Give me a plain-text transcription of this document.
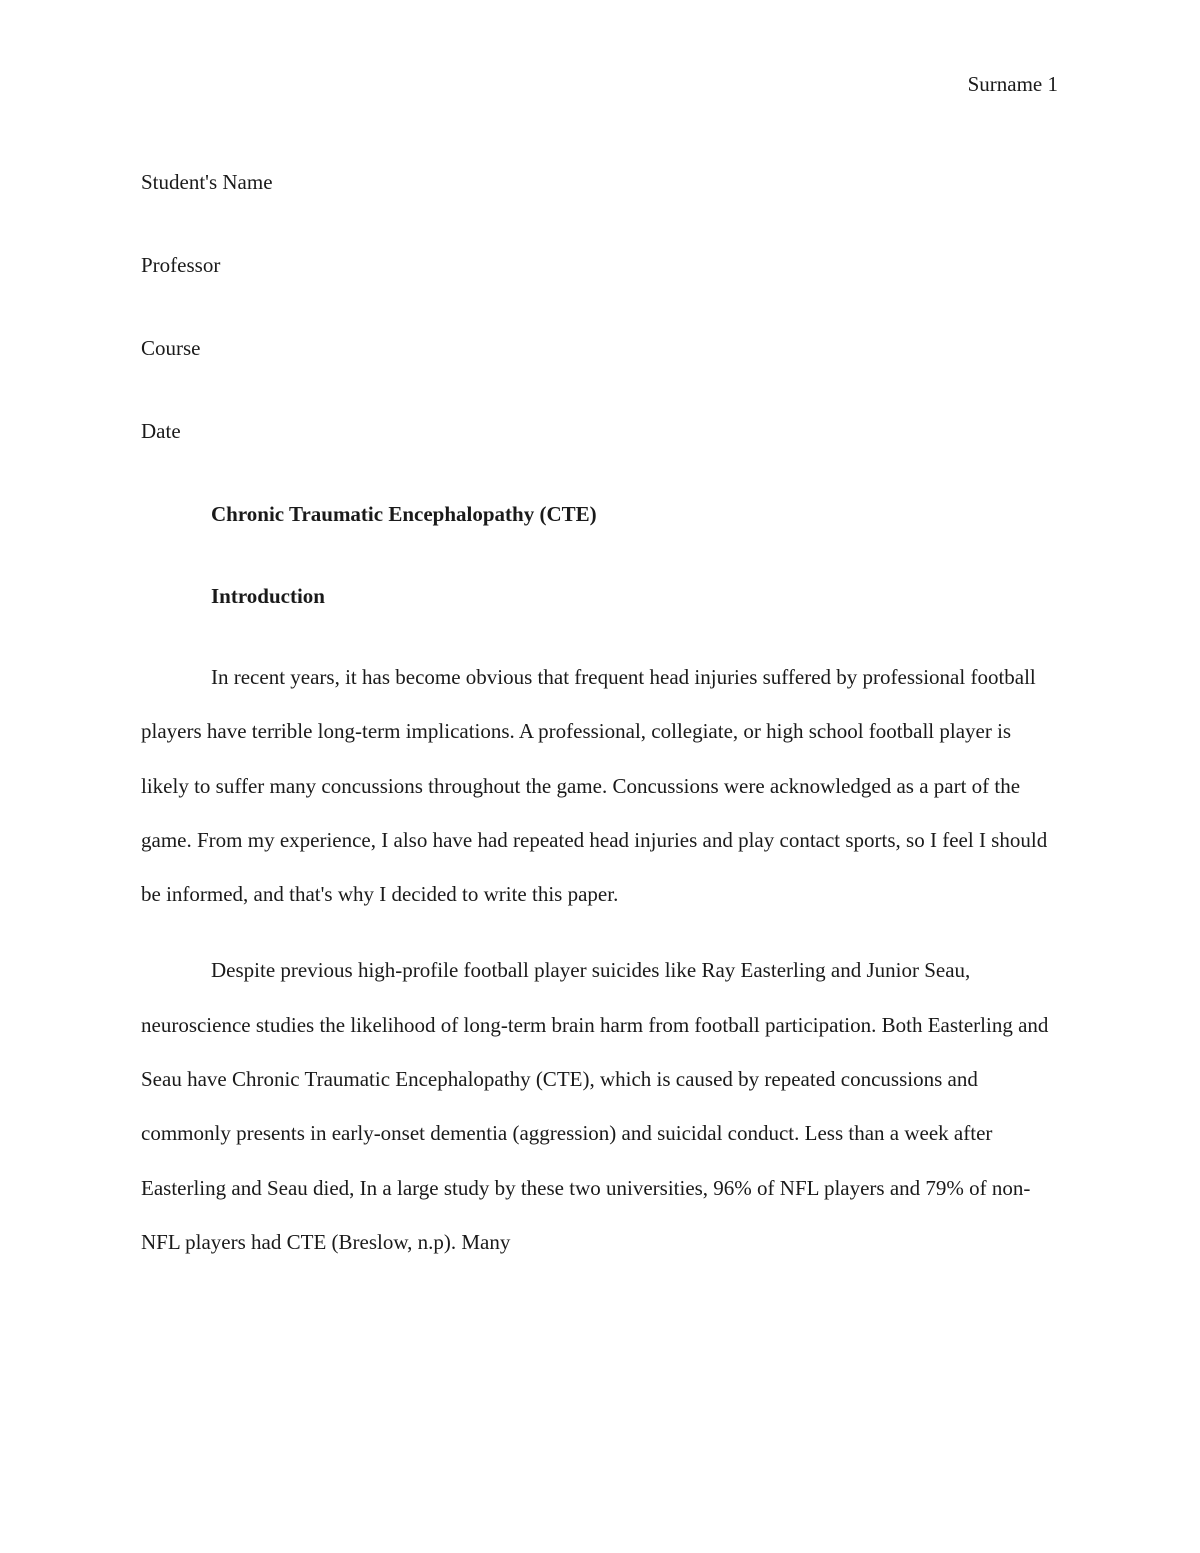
Surname 1

Student's Name

Professor

Course

Date

Chronic Traumatic Encephalopathy (CTE)

Introduction

In recent years, it has become obvious that frequent head injuries suffered by professional football players have terrible long-term implications. A professional, collegiate, or high school football player is likely to suffer many concussions throughout the game. Concussions were acknowledged as a part of the game. From my experience, I also have had repeated head injuries and play contact sports, so I feel I should be informed, and that's why I decided to write this paper.

Despite previous high-profile football player suicides like Ray Easterling and Junior Seau, neuroscience studies the likelihood of long-term brain harm from football participation. Both Easterling and Seau have Chronic Traumatic Encephalopathy (CTE), which is caused by repeated concussions and commonly presents in early-onset dementia (aggression) and suicidal conduct. Less than a week after Easterling and Seau died, In a large study by these two universities, 96% of NFL players and 79% of non-NFL players had CTE (Breslow, n.p). Many
